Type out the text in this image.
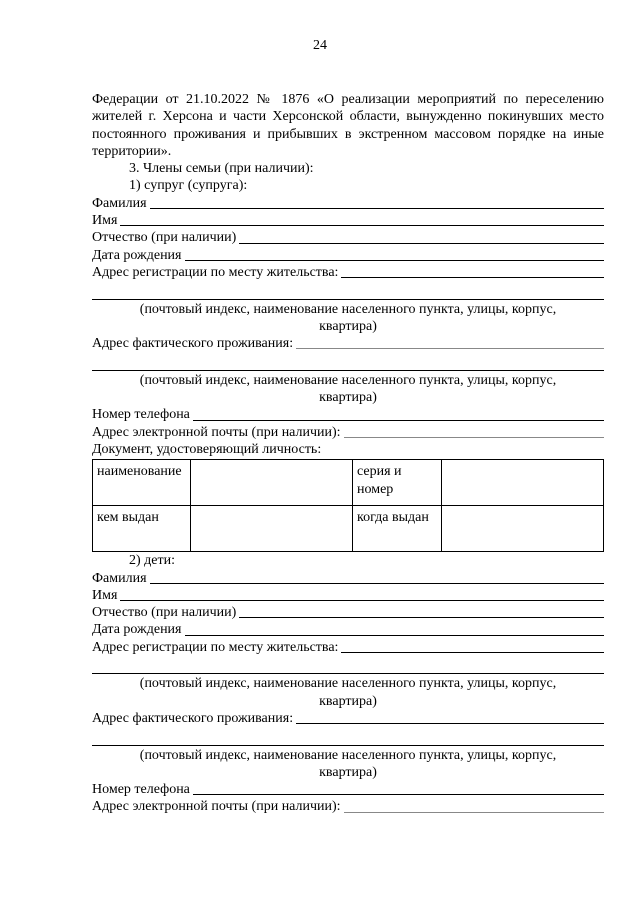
24
Федерации от 21.10.2022 № 1876 «О реализации мероприятий по переселению жителей г. Херсона и части Херсонской области, вынужденно покинувших место постоянного проживания и прибывших в экстренном массовом порядке на иные территории».
3. Члены семьи (при наличии):
1) супруг (супруга):
Фамилия
Имя
Отчество (при наличии)
Дата рождения
Адрес регистрации по месту жительства:
(почтовый индекс, наименование населенного пункта, улицы, корпус, квартира)
Адрес фактического проживания:
(почтовый индекс, наименование населенного пункта, улицы, корпус, квартира)
Номер телефона
Адрес электронной почты (при наличии):
Документ, удостоверяющий личность:
наименование		серия и номер	
кем выдан		когда выдан	
2) дети:
Фамилия
Имя
Отчество (при наличии)
Дата рождения
Адрес регистрации по месту жительства:
(почтовый индекс, наименование населенного пункта, улицы, корпус, квартира)
Адрес фактического проживания:
(почтовый индекс, наименование населенного пункта, улицы, корпус, квартира)
Номер телефона
Адрес электронной почты (при наличии):
